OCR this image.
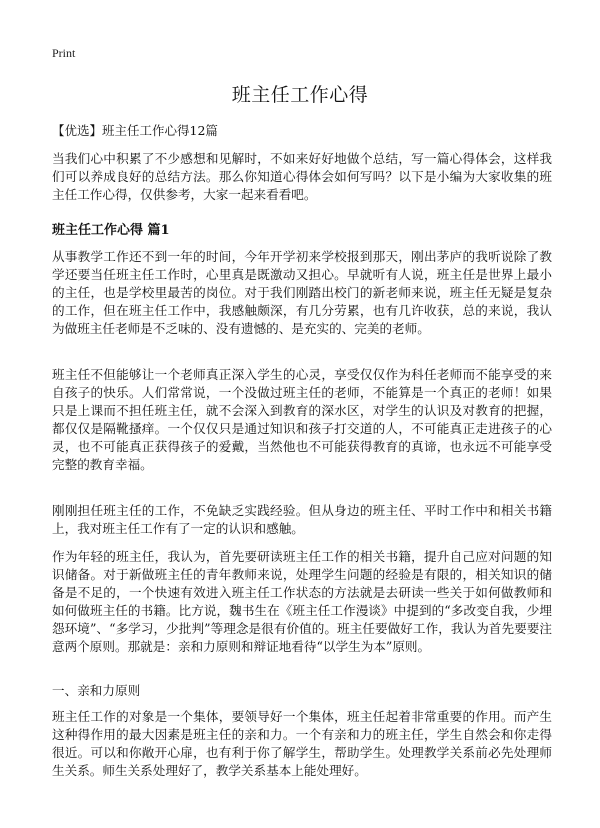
Print
班主任工作心得
【优选】班主任工作心得12篇

当我们心中积累了不少感想和见解时，不如来好好地做个总结，写一篇心得体会，这样我们可以养成良好的总结方法。那么你知道心得体会如何写吗？以下是小编为大家收集的班主任工作心得，仅供参考，大家一起来看看吧。

班主任工作心得 篇1

从事教学工作还不到一年的时间，今年开学初来学校报到那天，刚出茅庐的我听说除了教学还要当任班主任工作时，心里真是既激动又担心。早就听有人说，班主任是世界上最小的主任，也是学校里最苦的岗位。对于我们刚踏出校门的新老师来说，班主任无疑是复杂的工作，但在班主任工作中，我感触颇深，有几分劳累，也有几许收获，总的来说，我认为做班主任老师是不乏味的、没有遗憾的、是充实的、完美的老师。

班主任不但能够让一个老师真正深入学生的心灵，享受仅仅作为科任老师而不能享受的来自孩子的快乐。人们常常说，一个没做过班主任的老师，不能算是一个真正的老师！如果只是上课而不担任班主任，就不会深入到教育的深水区，对学生的认识及对教育的把握，都仅仅是隔靴搔痒。一个仅仅只是通过知识和孩子打交道的人，不可能真正走进孩子的心灵，也不可能真正获得孩子的爱戴，当然他也不可能获得教育的真谛，也永远不可能享受完整的教育幸福。

刚刚担任班主任的工作，不免缺乏实践经验。但从身边的班主任、平时工作中和相关书籍上，我对班主任工作有了一定的认识和感触。

作为年轻的班主任，我认为，首先要研读班主任工作的相关书籍，提升自己应对问题的知识储备。对于新做班主任的青年教师来说，处理学生问题的经验是有限的，相关知识的储备是不足的，一个快速有效进入班主任工作状态的方法就是去研读一些关于如何做教师和如何做班主任的书籍。比方说，魏书生在《班主任工作漫谈》中提到的“多改变自我，少埋怨环境”、“多学习，少批判”等理念是很有价值的。班主任要做好工作，我认为首先要要注意两个原则。那就是：亲和力原则和辩证地看待“以学生为本”原则。

一、亲和力原则

班主任工作的对象是一个集体，要领导好一个集体，班主任起着非常重要的作用。而产生这种得作用的最大因素是班主任的亲和力。一个有亲和力的班主任，学生自然会和你走得很近。可以和你敞开心扉，也有利于你了解学生，帮助学生。处理教学关系前必先处理师生关系。师生关系处理好了，教学关系基本上能处理好。
